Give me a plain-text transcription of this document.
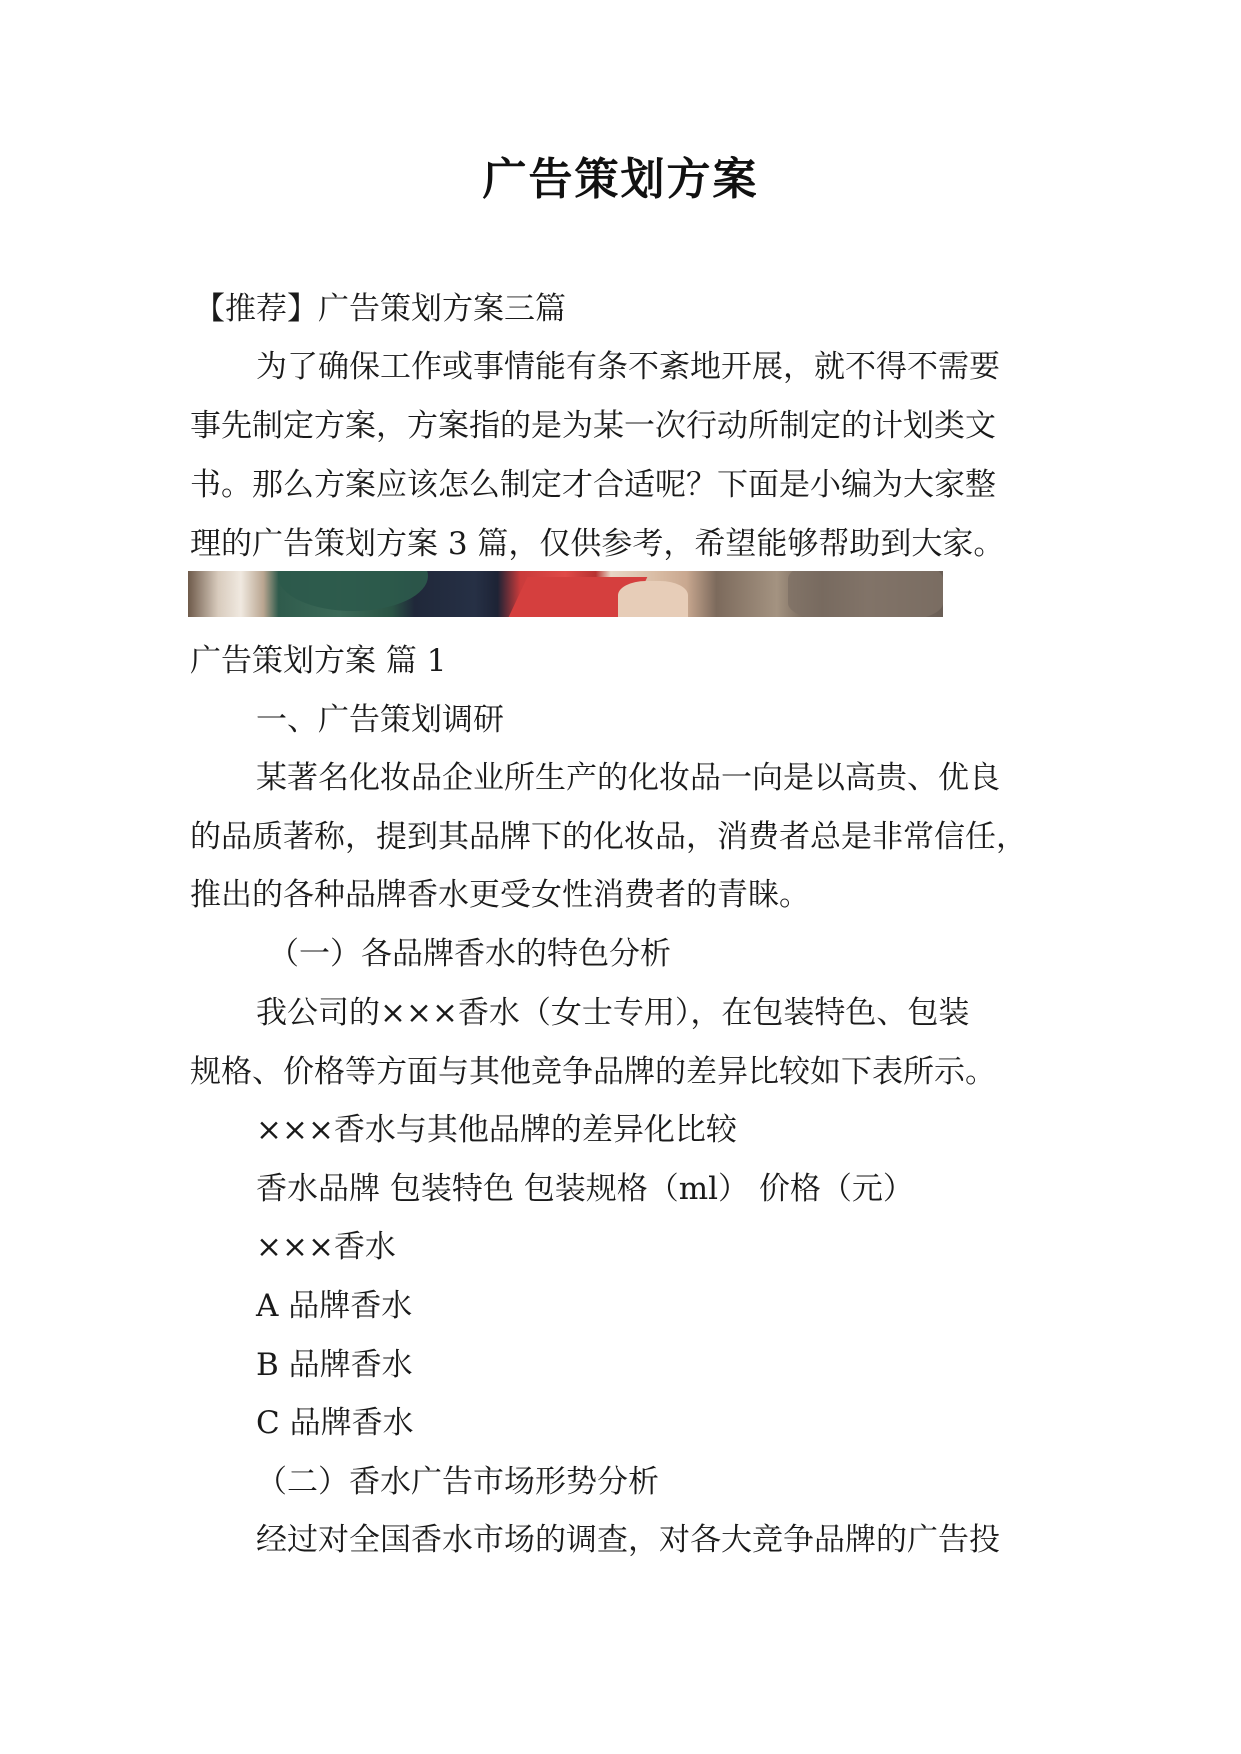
广告策划方案
【推荐】广告策划方案三篇
为了确保工作或事情能有条不紊地开展，就不得不需要
事先制定方案，方案指的是为某一次行动所制定的计划类文
书。那么方案应该怎么制定才合适呢？下面是小编为大家整
理的广告策划方案 3 篇，仅供参考，希望能够帮助到大家。
广告策划方案 篇 1
一、广告策划调研
某著名化妆品企业所生产的化妆品一向是以高贵、优良
的品质著称，提到其品牌下的化妆品，消费者总是非常信任，
推出的各种品牌香水更受女性消费者的青睐。
（一）各品牌香水的特色分析
我公司的×××香水（女士专用），在包装特色、包装
规格、价格等方面与其他竞争品牌的差异比较如下表所示。
×××香水与其他品牌的差异化比较
香水品牌 包装特色 包装规格（ml） 价格（元）
×××香水
A 品牌香水
B 品牌香水
C 品牌香水
（二）香水广告市场形势分析
经过对全国香水市场的调查，对各大竞争品牌的广告投
